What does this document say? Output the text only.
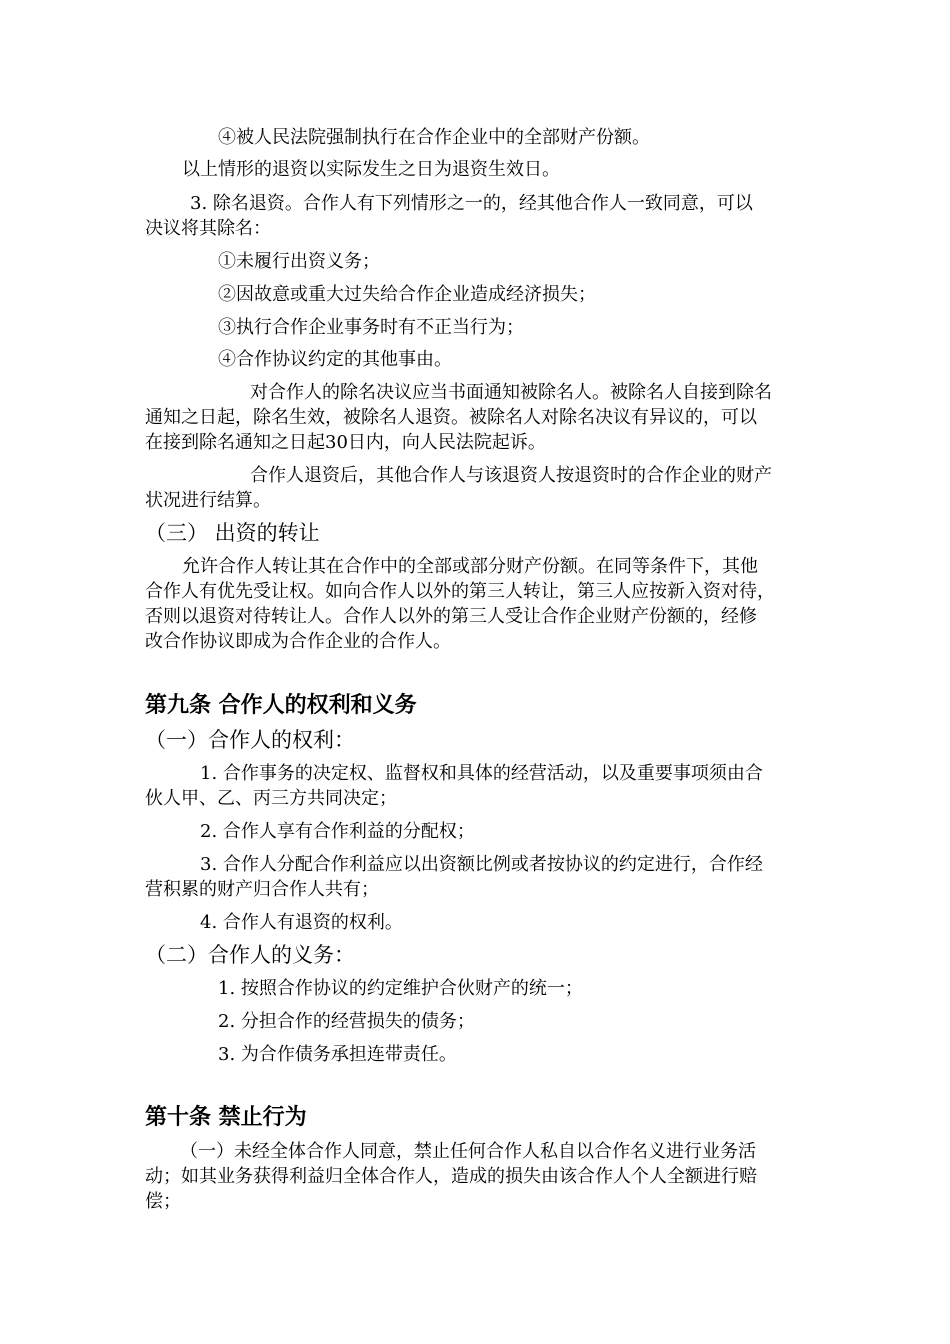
④被人民法院强制执行在合作企业中的全部财产份额。
以上情形的退资以实际发生之日为退资生效日。
3. 除名退资。合作人有下列情形之一的，经其他合作人一致同意，可以
决议将其除名：
①未履行出资义务；
②因故意或重大过失给合作企业造成经济损失；
③执行合作企业事务时有不正当行为；
④合作协议约定的其他事由。
对合作人的除名决议应当书面通知被除名人。被除名人自接到除名
通知之日起，除名生效，被除名人退资。被除名人对除名决议有异议的，可以
在接到除名通知之日起30日内，向人民法院起诉。
合作人退资后，其他合作人与该退资人按退资时的合作企业的财产
状况进行结算。
（三） 出资的转让
允许合作人转让其在合作中的全部或部分财产份额。在同等条件下，其他
合作人有优先受让权。如向合作人以外的第三人转让，第三人应按新入资对待，
否则以退资对待转让人。合作人以外的第三人受让合作企业财产份额的，经修
改合作协议即成为合作企业的合作人。
第九条 合作人的权利和义务
（一）合作人的权利：
1. 合作事务的决定权、监督权和具体的经营活动，以及重要事项须由合
伙人甲、乙、丙三方共同决定；
2. 合作人享有合作利益的分配权；
3. 合作人分配合作利益应以出资额比例或者按协议的约定进行，合作经
营积累的财产归合作人共有；
4. 合作人有退资的权利。
（二）合作人的义务：
1. 按照合作协议的约定维护合伙财产的统一；
2. 分担合作的经营损失的债务；
3. 为合作债务承担连带责任。
第十条 禁止行为
（一）未经全体合作人同意，禁止任何合作人私自以合作名义进行业务活
动；如其业务获得利益归全体合作人，造成的损失由该合作人个人全额进行赔
偿；
